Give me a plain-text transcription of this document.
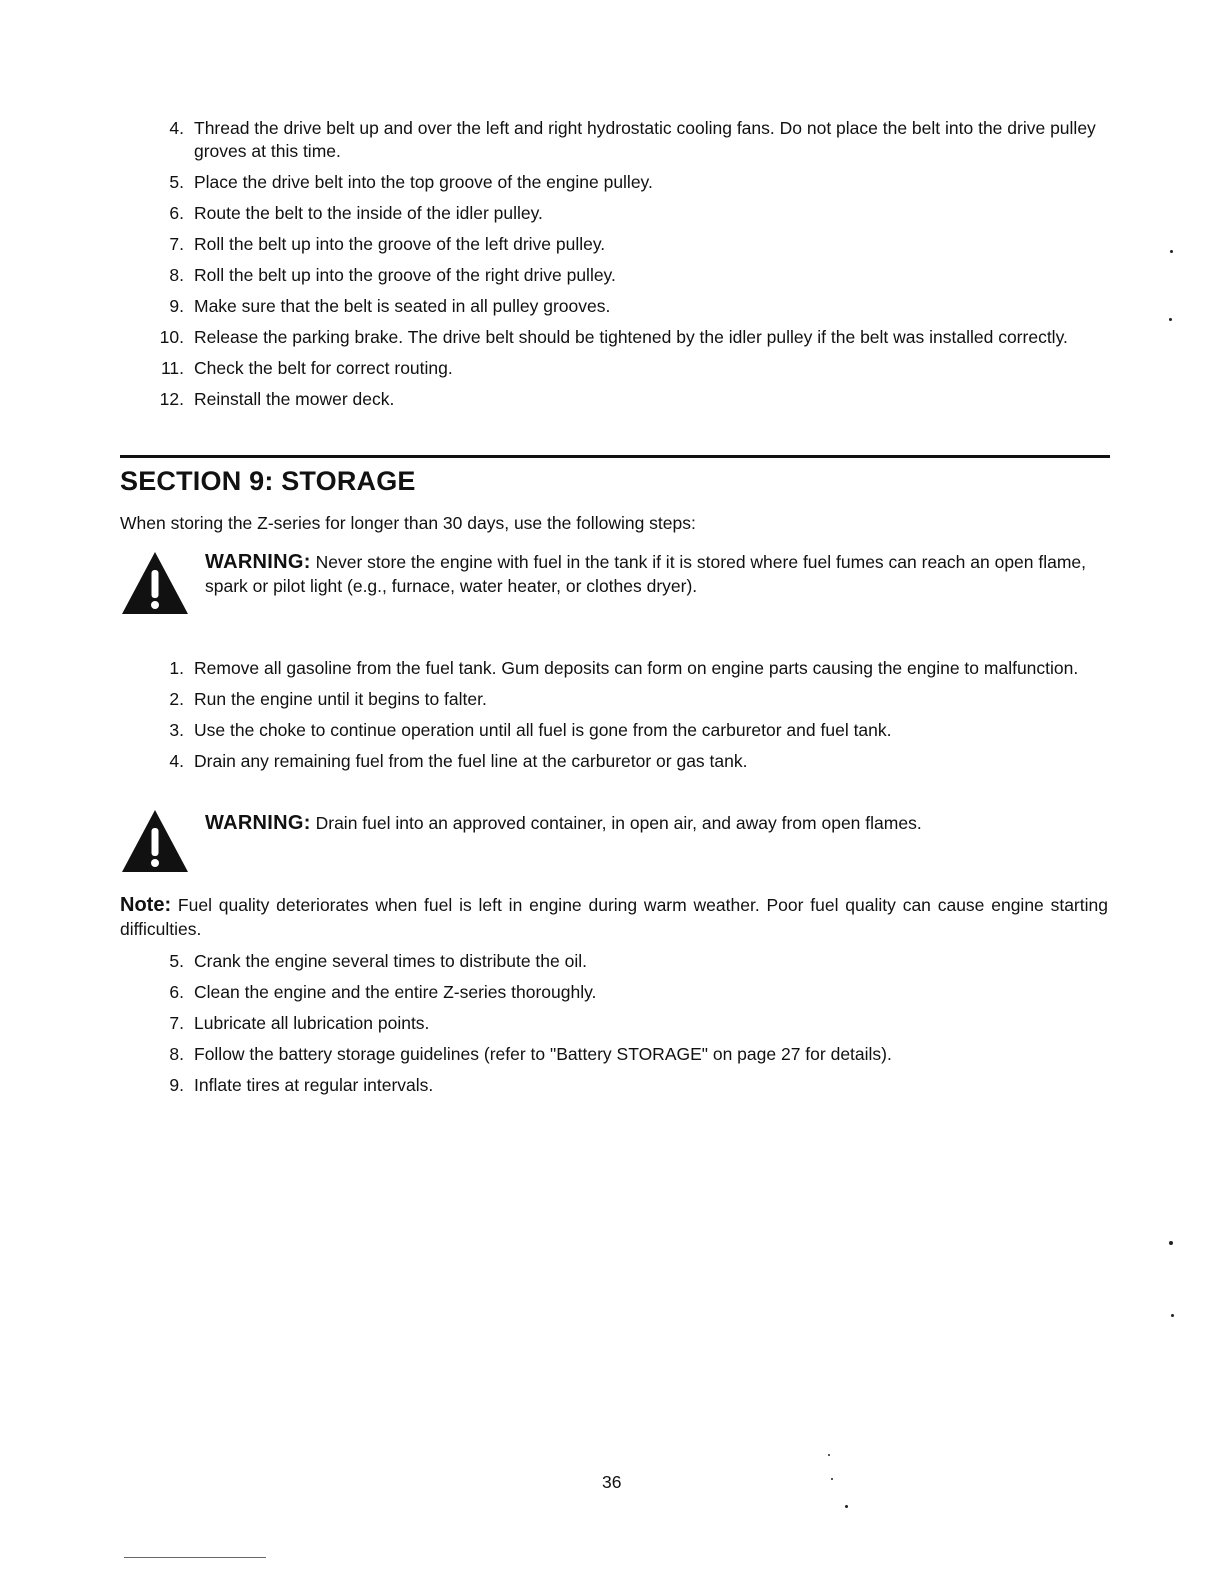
4. Thread the drive belt up and over the left and right hydrostatic cooling fans. Do not place the belt into the drive pulley groves at this time.
5. Place the drive belt into the top groove of the engine pulley.
6. Route the belt to the inside of the idler pulley.
7. Roll the belt up into the groove of the left drive pulley.
8. Roll the belt up into the groove of the right drive pulley.
9. Make sure that the belt is seated in all pulley grooves.
10. Release the parking brake. The drive belt should be tightened by the idler pulley if the belt was installed correctly.
11. Check the belt for correct routing.
12. Reinstall the mower deck.
SECTION 9: STORAGE

When storing the Z-series for longer than 30 days, use the following steps:

WARNING: Never store the engine with fuel in the tank if it is stored where fuel fumes can reach an open flame, spark or pilot light (e.g., furnace, water heater, or clothes dryer).
1. Remove all gasoline from the fuel tank. Gum deposits can form on engine parts causing the engine to malfunction.
2. Run the engine until it begins to falter.
3. Use the choke to continue operation until all fuel is gone from the carburetor and fuel tank.
4. Drain any remaining fuel from the fuel line at the carburetor or gas tank.
WARNING: Drain fuel into an approved container, in open air, and away from open flames.

Note: Fuel quality deteriorates when fuel is left in engine during warm weather. Poor fuel quality can cause engine starting difficulties.

5. Crank the engine several times to distribute the oil.
6. Clean the engine and the entire Z-series thoroughly.
7. Lubricate all lubrication points.
8. Follow the battery storage guidelines (refer to "Battery STORAGE" on page 27 for details).
9. Inflate tires at regular intervals.
36
